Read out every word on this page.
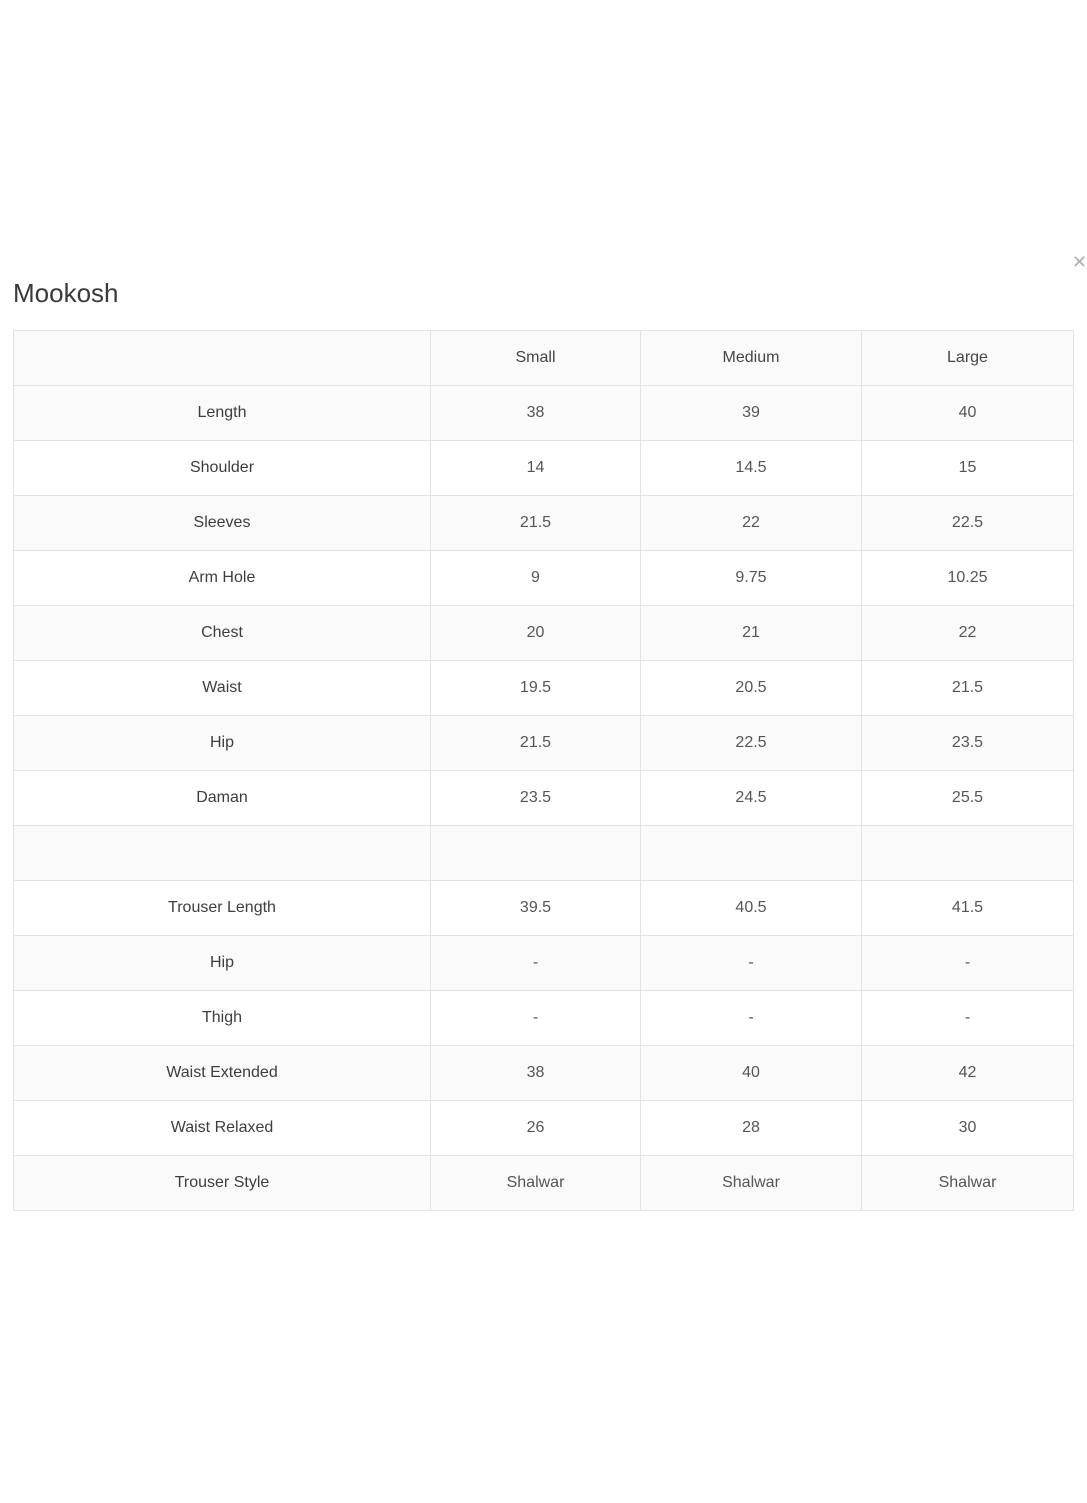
Mookosh
✕
	Small	Medium	Large
Length	38	39	40
Shoulder	14	14.5	15
Sleeves	21.5	22	22.5
Arm Hole	9	9.75	10.25
Chest	20	21	22
Waist	19.5	20.5	21.5
Hip	21.5	22.5	23.5
Daman	23.5	24.5	25.5

Trouser Length	39.5	40.5	41.5
Hip	-	-	-
Thigh	-	-	-
Waist Extended	38	40	42
Waist Relaxed	26	28	30
Trouser Style	Shalwar	Shalwar	Shalwar
